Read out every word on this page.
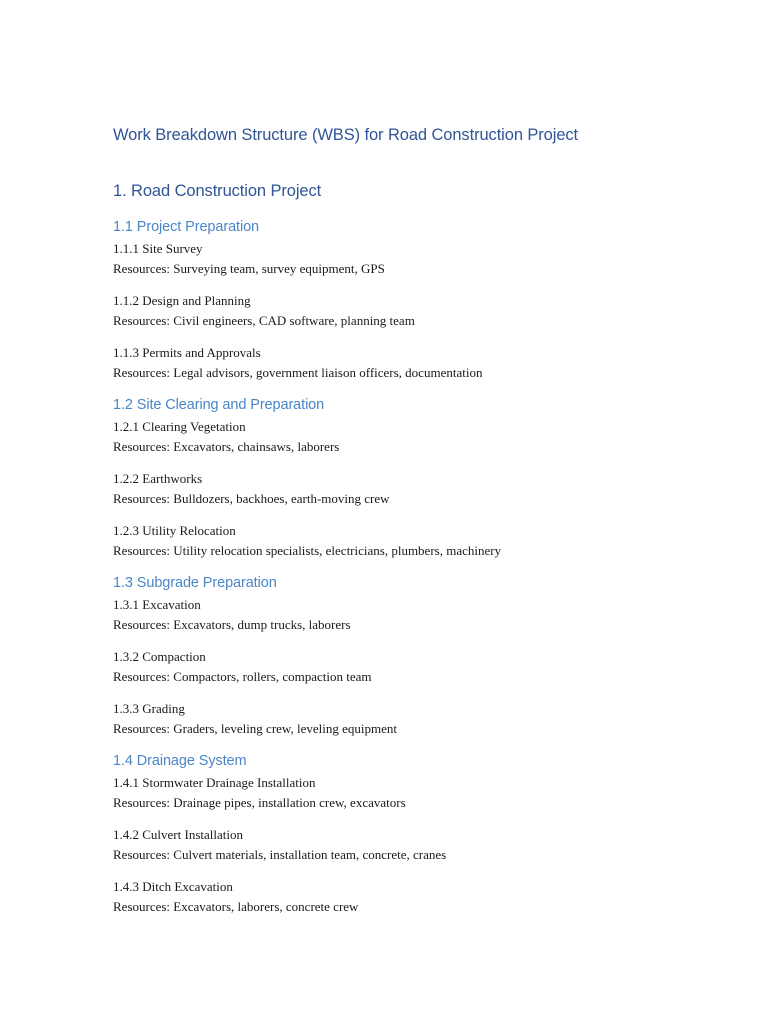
Work Breakdown Structure (WBS) for Road Construction Project
1. Road Construction Project
1.1 Project Preparation

1.1.1 Site Survey

Resources: Surveying team, survey equipment, GPS

1.1.2 Design and Planning

Resources: Civil engineers, CAD software, planning team

1.1.3 Permits and Approvals

Resources: Legal advisors, government liaison officers, documentation

1.2 Site Clearing and Preparation

1.2.1 Clearing Vegetation

Resources: Excavators, chainsaws, laborers

1.2.2 Earthworks

Resources: Bulldozers, backhoes, earth-moving crew

1.2.3 Utility Relocation

Resources: Utility relocation specialists, electricians, plumbers, machinery

1.3 Subgrade Preparation

1.3.1 Excavation

Resources: Excavators, dump trucks, laborers

1.3.2 Compaction

Resources: Compactors, rollers, compaction team

1.3.3 Grading

Resources: Graders, leveling crew, leveling equipment

1.4 Drainage System

1.4.1 Stormwater Drainage Installation

Resources: Drainage pipes, installation crew, excavators

1.4.2 Culvert Installation

Resources: Culvert materials, installation team, concrete, cranes

1.4.3 Ditch Excavation

Resources: Excavators, laborers, concrete crew
